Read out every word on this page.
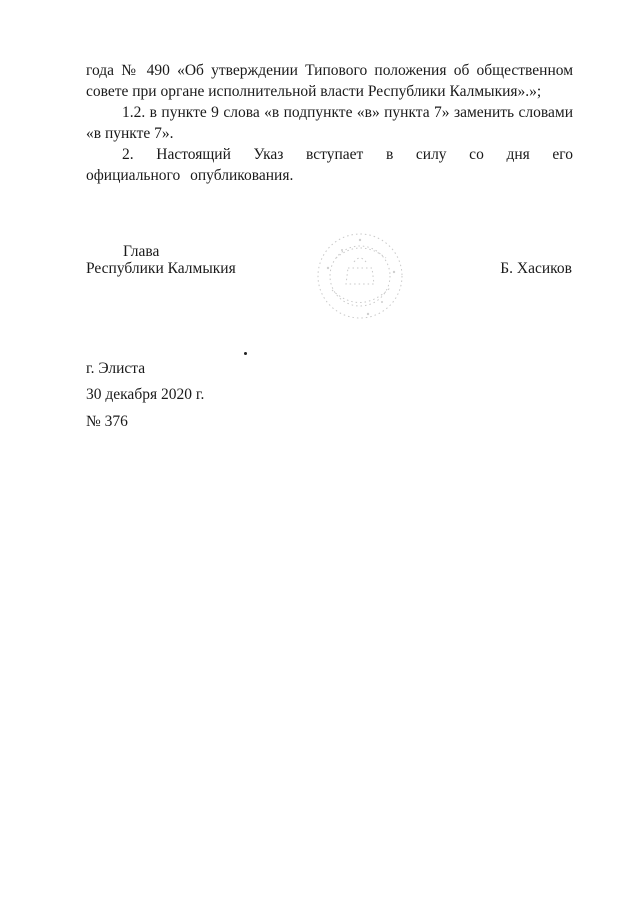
года № 490 «Об утверждении Типового положения об общественном совете при органе исполнительной власти Республики Калмыкия».»;
1.2. в пункте 9 слова «в подпункте «в» пункта 7» заменить словами «в пункте 7».
2. Настоящий Указ вступает в силу со дня его официального опубликования.
Глава
Республики Калмыкия	Б. Хасиков
г. Элиста
30 декабря 2020 г.
№ 376
